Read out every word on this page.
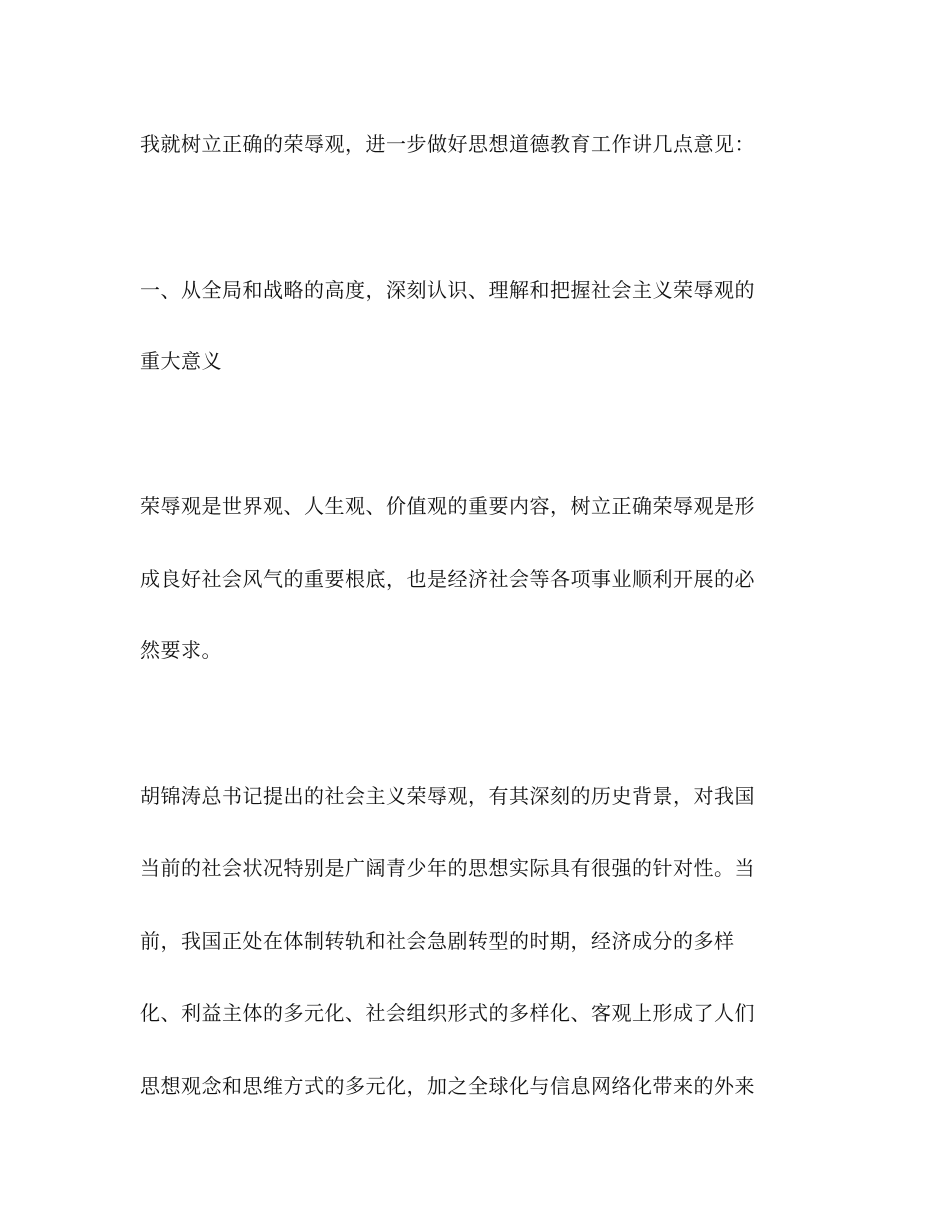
我就树立正确的荣辱观，进一步做好思想道德教育工作讲几点意见：
一、从全局和战略的高度，深刻认识、理解和把握社会主义荣辱观的
重大意义
荣辱观是世界观、人生观、价值观的重要内容，树立正确荣辱观是形
成良好社会风气的重要根底，也是经济社会等各项事业顺利开展的必
然要求。
胡锦涛总书记提出的社会主义荣辱观，有其深刻的历史背景，对我国
当前的社会状况特别是广阔青少年的思想实际具有很强的针对性。当
前，我国正处在体制转轨和社会急剧转型的时期，经济成分的多样
化、利益主体的多元化、社会组织形式的多样化、客观上形成了人们
思想观念和思维方式的多元化，加之全球化与信息网络化带来的外来
